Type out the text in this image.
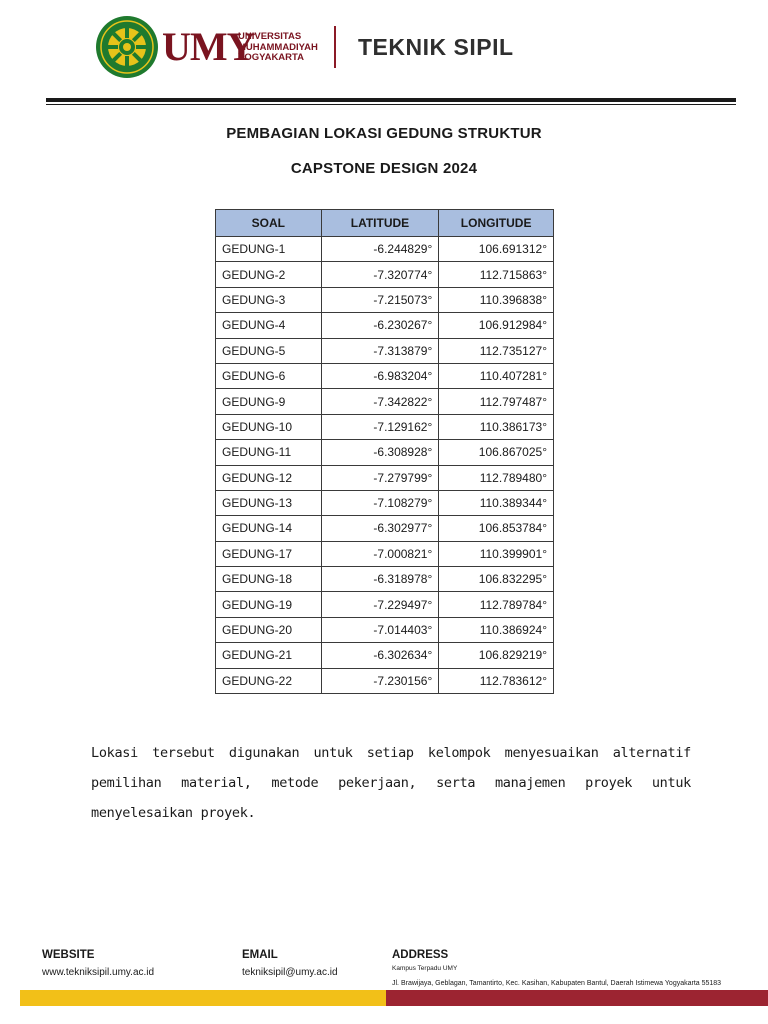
UMY
UNIVERSITAS
MUHAMMADIYAH
YOGYAKARTA	TEKNIK SIPIL
PEMBAGIAN LOKASI GEDUNG STRUKTUR
CAPSTONE DESIGN 2024
SOAL	LATITUDE	LONGITUDE
GEDUNG-1	-6.244829°	106.691312°
GEDUNG-2	-7.320774°	112.715863°
GEDUNG-3	-7.215073°	110.396838°
GEDUNG-4	-6.230267°	106.912984°
GEDUNG-5	-7.313879°	112.735127°
GEDUNG-6	-6.983204°	110.407281°
GEDUNG-9	-7.342822°	112.797487°
GEDUNG-10	-7.129162°	110.386173°
GEDUNG-11	-6.308928°	106.867025°
GEDUNG-12	-7.279799°	112.789480°
GEDUNG-13	-7.108279°	110.389344°
GEDUNG-14	-6.302977°	106.853784°
GEDUNG-17	-7.000821°	110.399901°
GEDUNG-18	-6.318978°	106.832295°
GEDUNG-19	-7.229497°	112.789784°
GEDUNG-20	-7.014403°	110.386924°
GEDUNG-21	-6.302634°	106.829219°
GEDUNG-22	-7.230156°	112.783612°
Lokasi tersebut digunakan untuk setiap kelompok menyesuaikan alternatif pemilihan material, metode pekerjaan, serta manajemen proyek untuk menyelesaikan proyek.
WEBSITE
www.tekniksipil.umy.ac.id
EMAIL
tekniksipil@umy.ac.id
ADDRESS
Kampus Terpadu UMY
Jl. Brawijaya, Geblagan, Tamantirto, Kec. Kasihan, Kabupaten Bantul, Daerah Istimewa Yogyakarta 55183
